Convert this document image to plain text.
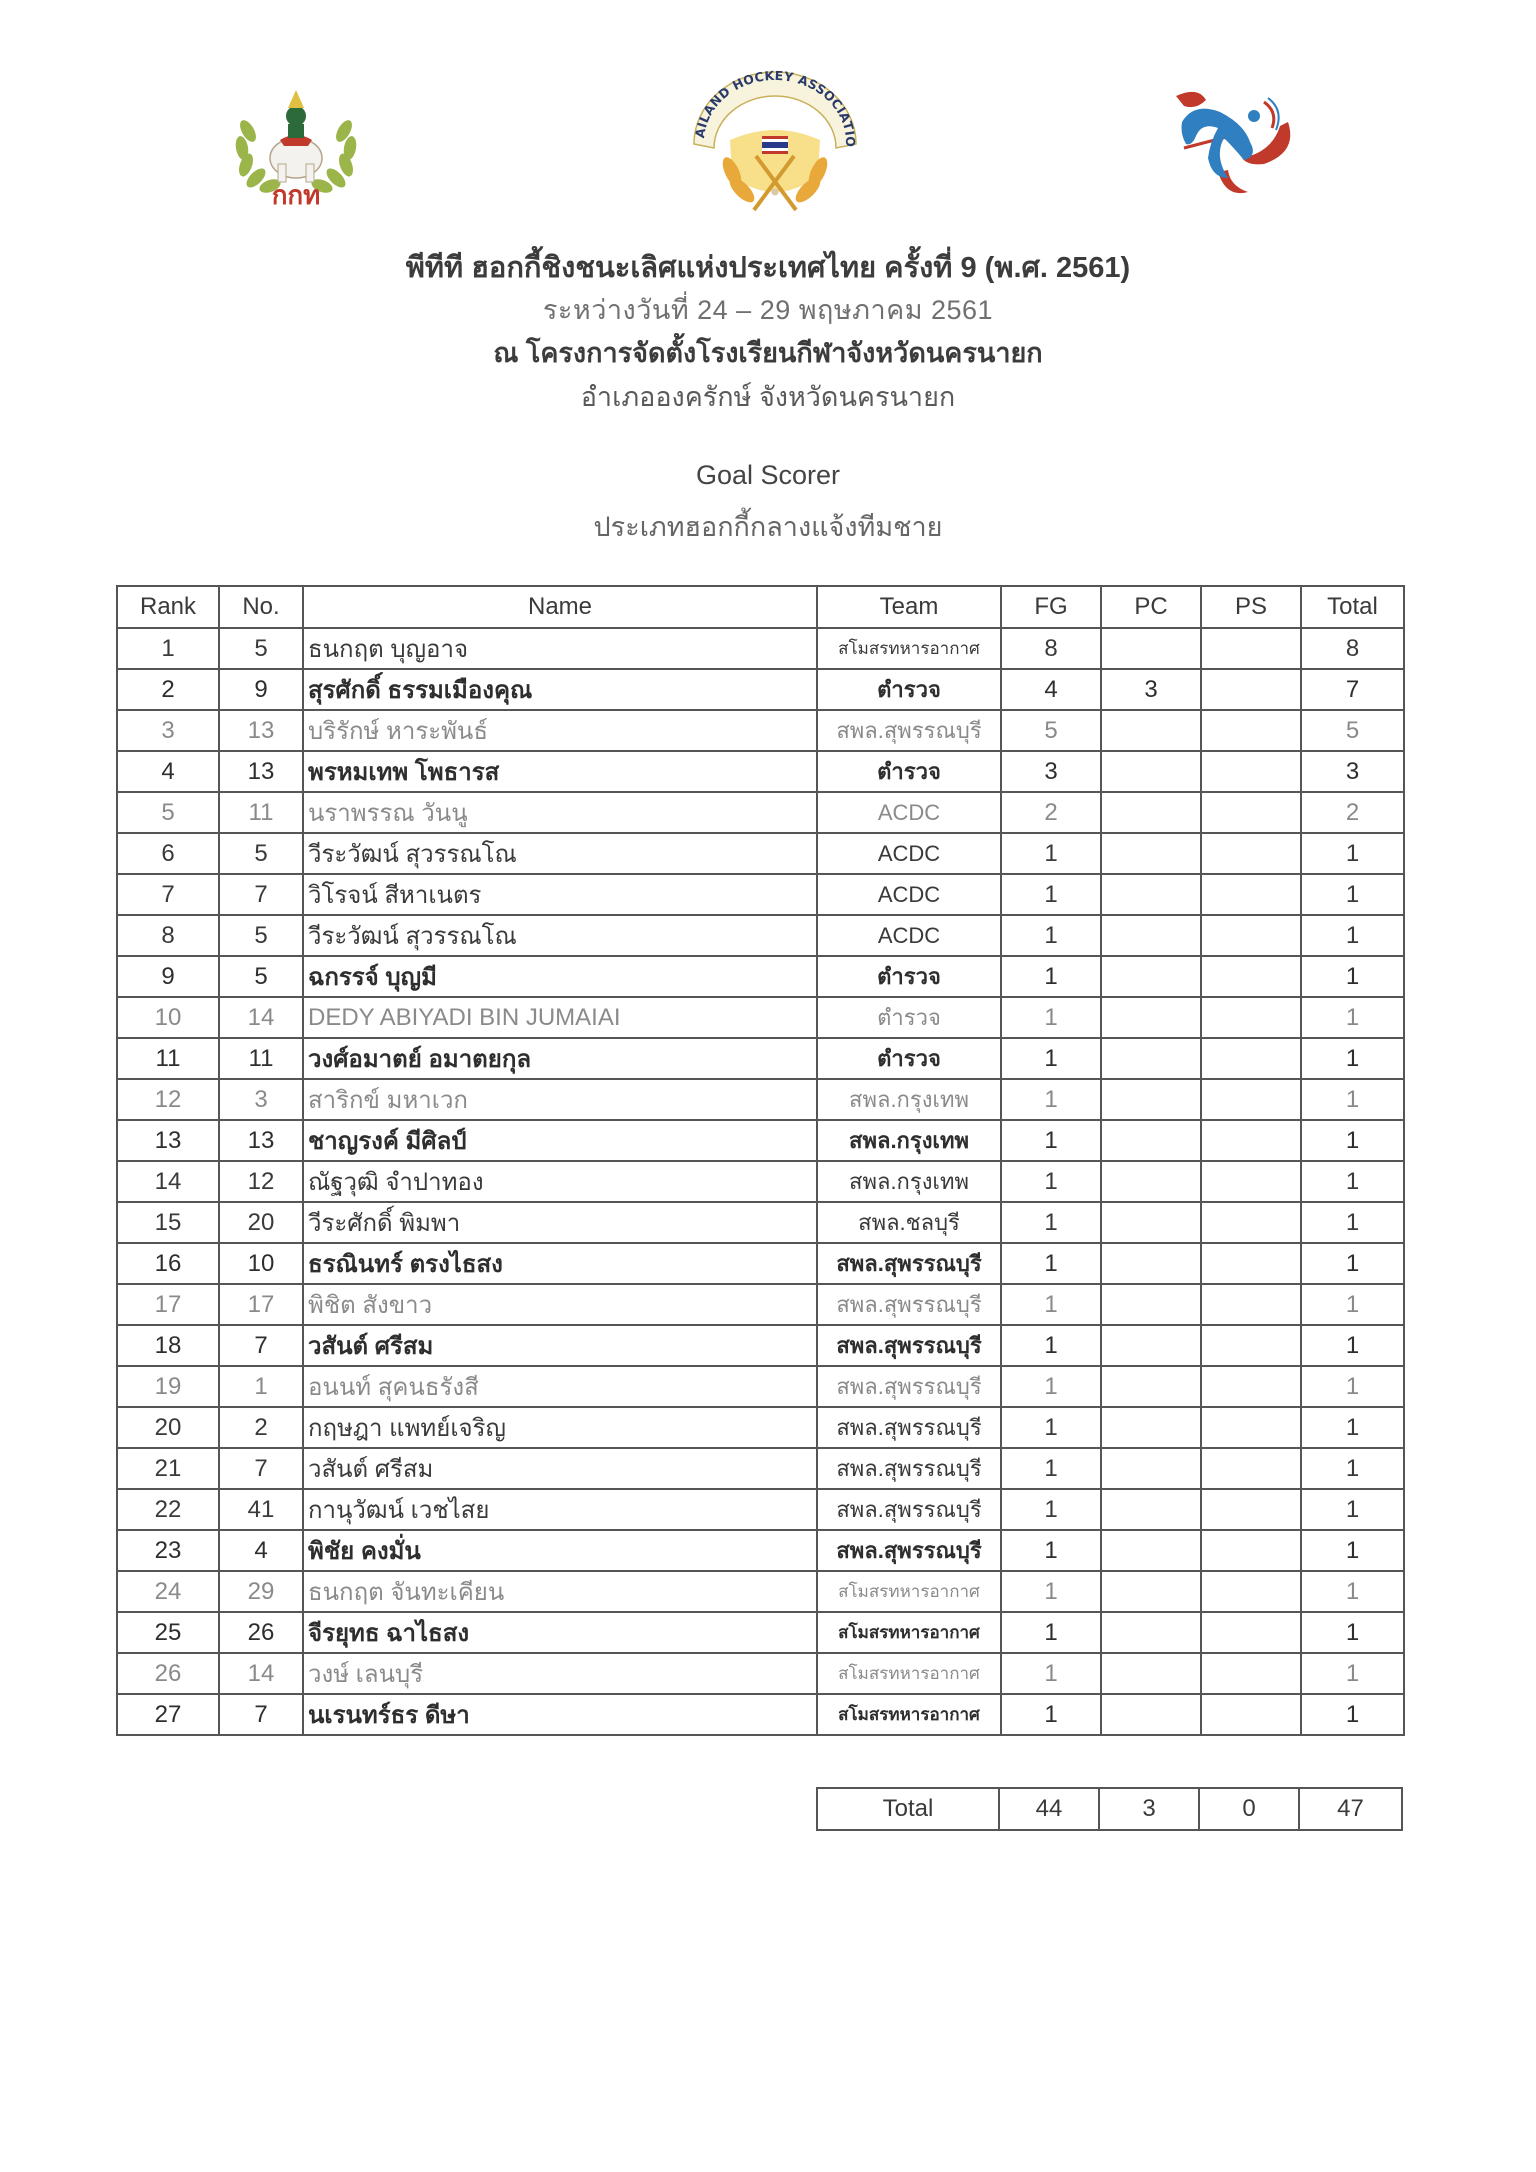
กกท
AILAND HOCKEY ASSOCIATIO
พีทีที ฮอกกี้ชิงชนะเลิศแห่งประเทศไทย ครั้งที่ 9 (พ.ศ. 2561)
ระหว่างวันที่ 24 – 29 พฤษภาคม 2561
ณ โครงการจัดตั้งโรงเรียนกีฬาจังหวัดนครนายก
อำเภอองครักษ์ จังหวัดนครนายก
Goal Scorer
ประเภทฮอกกี้กลางแจ้งทีมชาย
Rank	No.	Name	Team	FG	PC	PS	Total
1	5	ธนกฤต บุญอาจ	สโมสรทหารอากาศ	8			8
2	9	สุรศักดิ์ ธรรมเมืองคุณ	ตำรวจ	4	3		7
3	13	บริรักษ์ หาระพันธ์	สพล.สุพรรณบุรี	5			5
4	13	พรหมเทพ โพธารส	ตำรวจ	3			3
5	11	นราพรรณ วันนู	ACDC	2			2
6	5	วีระวัฒน์ สุวรรณโณ	ACDC	1			1
7	7	วิโรจน์ สีหาเนตร	ACDC	1			1
8	5	วีระวัฒน์ สุวรรณโณ	ACDC	1			1
9	5	ฉกรรจ์ บุญมี	ตำรวจ	1			1
10	14	DEDY ABIYADI BIN JUMAIAI	ตำรวจ	1			1
11	11	วงศ์อมาตย์ อมาตยกุล	ตำรวจ	1			1
12	3	สาริกข์ มหาเวก	สพล.กรุงเทพ	1			1
13	13	ชาญรงค์ มีศิลป์	สพล.กรุงเทพ	1			1
14	12	ณัฐวุฒิ จำปาทอง	สพล.กรุงเทพ	1			1
15	20	วีระศักดิ์ พิมพา	สพล.ชลบุรี	1			1
16	10	ธรณินทร์ ตรงไธสง	สพล.สุพรรณบุรี	1			1
17	17	พิชิต สังขาว	สพล.สุพรรณบุรี	1			1
18	7	วสันต์ ศรีสม	สพล.สุพรรณบุรี	1			1
19	1	อนนท์ สุคนธรังสี	สพล.สุพรรณบุรี	1			1
20	2	กฤษฎา แพทย์เจริญ	สพล.สุพรรณบุรี	1			1
21	7	วสันต์ ศรีสม	สพล.สุพรรณบุรี	1			1
22	41	กานุวัฒน์ เวชไสย	สพล.สุพรรณบุรี	1			1
23	4	พิชัย คงมั่น	สพล.สุพรรณบุรี	1			1
24	29	ธนกฤต จันทะเคียน	สโมสรทหารอากาศ	1			1
25	26	จีรยุทธ ฉาไธสง	สโมสรทหารอากาศ	1			1
26	14	วงษ์ เลนบุรี	สโมสรทหารอากาศ	1			1
27	7	นเรนทร์ธร ดีษา	สโมสรทหารอากาศ	1			1
Total	44	3	0	47
